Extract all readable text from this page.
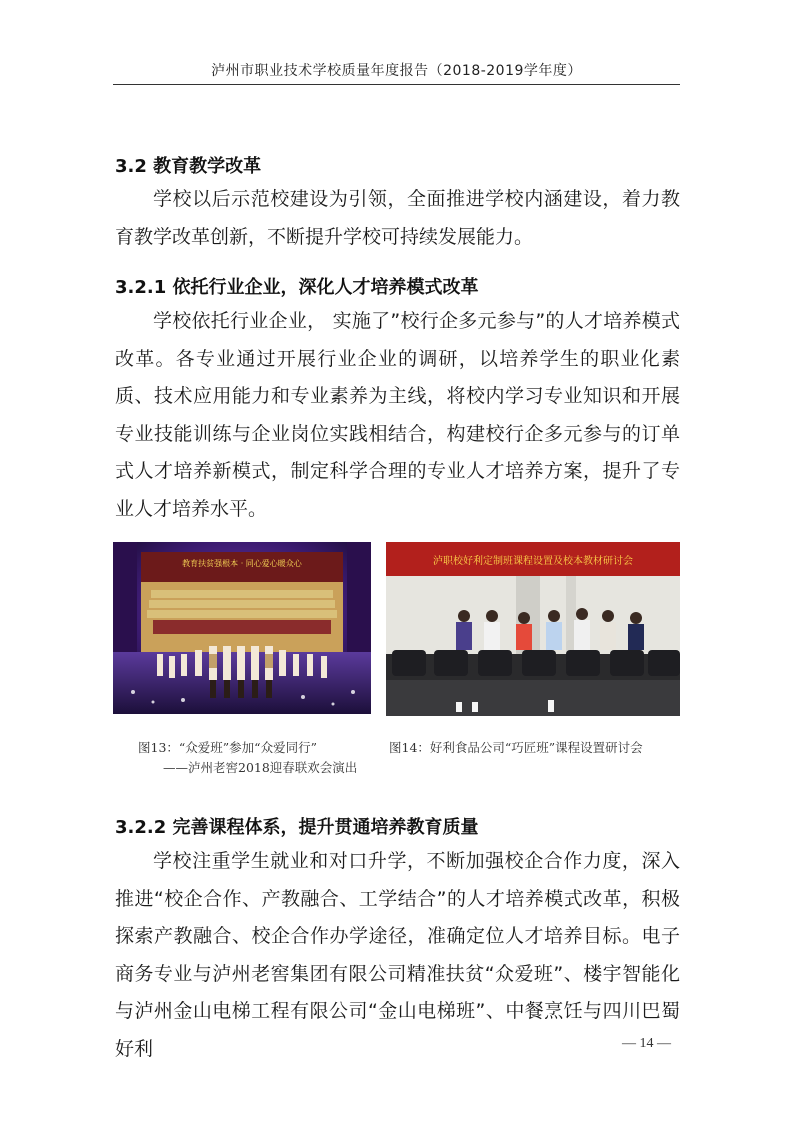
泸州市职业技术学校质量年度报告（2018-2019学年度）
3.2 教育教学改革

学校以后示范校建设为引领，全面推进学校内涵建设，着力教育教学改革创新，不断提升学校可持续发展能力。

3.2.1 依托行业企业，深化人才培养模式改革

学校依托行业企业， 实施了”校行企多元参与”的人才培养模式改革。各专业通过开展行业企业的调研，以培养学生的职业化素质、技术应用能力和专业素养为主线，将校内学习专业知识和开展专业技能训练与企业岗位实践相结合，构建校行企多元参与的订单式人才培养新模式，制定科学合理的专业人才培养方案，提升了专业人才培养水平。

教育扶贫强根本 · 同心爱心暖众心	泸职校好利定制班课程设置及校本教材研讨会
图13：“众爱班”参加“众爱同行”
——泸州老窖2018迎春联欢会演出
图14：好利食品公司“巧匠班”课程设置研讨会
3.2.2 完善课程体系，提升贯通培养教育质量

学校注重学生就业和对口升学，不断加强校企合作力度，深入推进“校企合作、产教融合、工学结合”的人才培养模式改革，积极探索产教融合、校企合作办学途径，准确定位人才培养目标。电子商务专业与泸州老窖集团有限公司精准扶贫“众爱班”、楼宇智能化与泸州金山电梯工程有限公司“金山电梯班”、中餐烹饪与四川巴蜀好利	— 14 —
